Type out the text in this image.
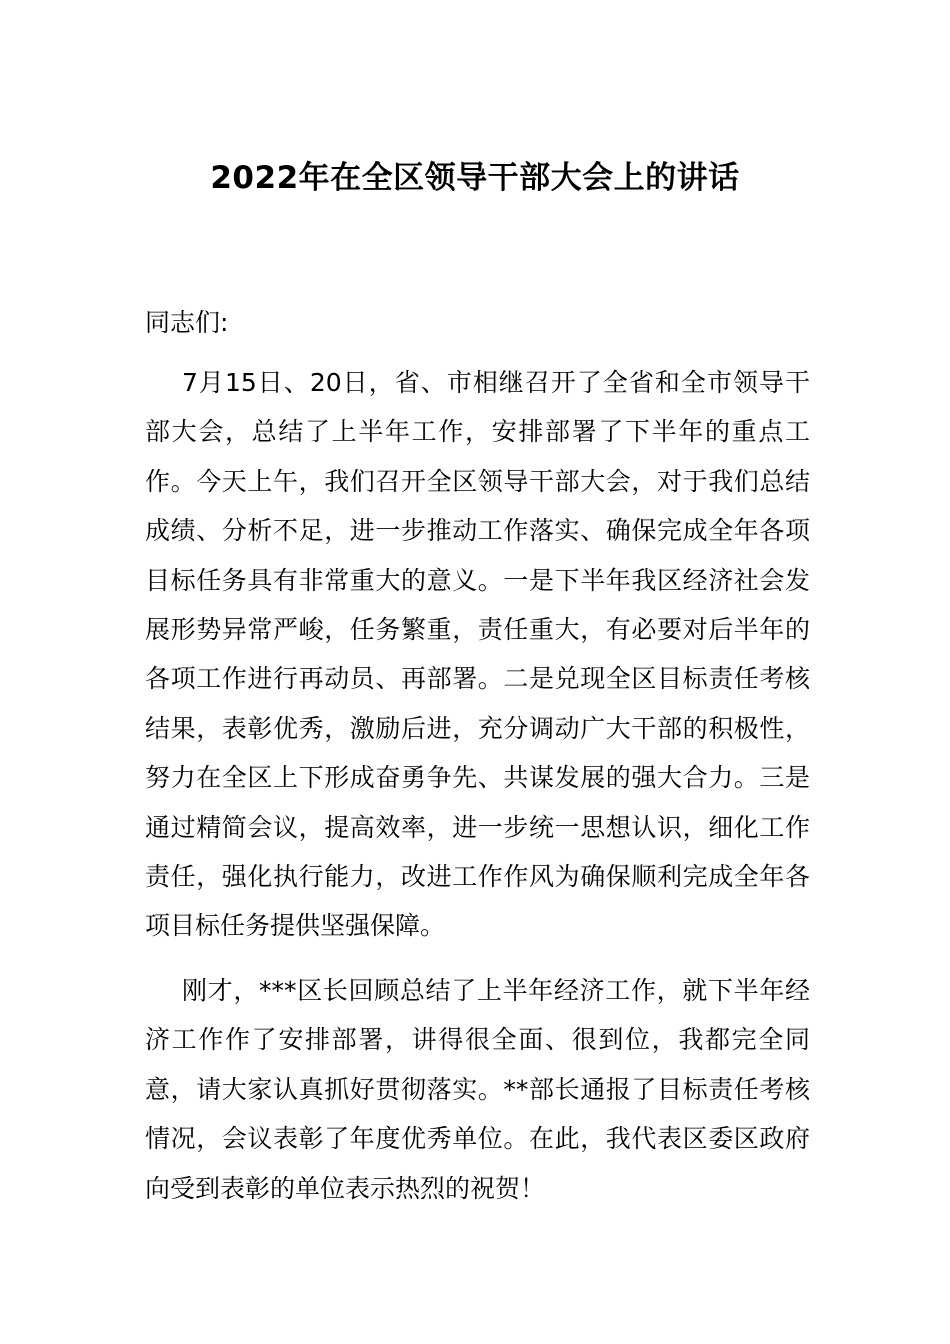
2022年在全区领导干部大会上的讲话
同志们:
7月15日、20日，省、市相继召开了全省和全市领导干部大会，总结了上半年工作，安排部署了下半年的重点工作。今天上午，我们召开全区领导干部大会，对于我们总结成绩、分析不足，进一步推动工作落实、确保完成全年各项目标任务具有非常重大的意义。一是下半年我区经济社会发展形势异常严峻，任务繁重，责任重大，有必要对后半年的各项工作进行再动员、再部署。二是兑现全区目标责任考核结果，表彰优秀，激励后进，充分调动广大干部的积极性，努力在全区上下形成奋勇争先、共谋发展的强大合力。三是通过精简会议，提高效率，进一步统一思想认识，细化工作责任，强化执行能力，改进工作作风为确保顺利完成全年各项目标任务提供坚强保障。
刚才，***区长回顾总结了上半年经济工作，就下半年经济工作作了安排部署，讲得很全面、很到位，我都完全同意，请大家认真抓好贯彻落实。**部长通报了目标责任考核情况，会议表彰了年度优秀单位。在此，我代表区委区政府向受到表彰的单位表示热烈的祝贺！
